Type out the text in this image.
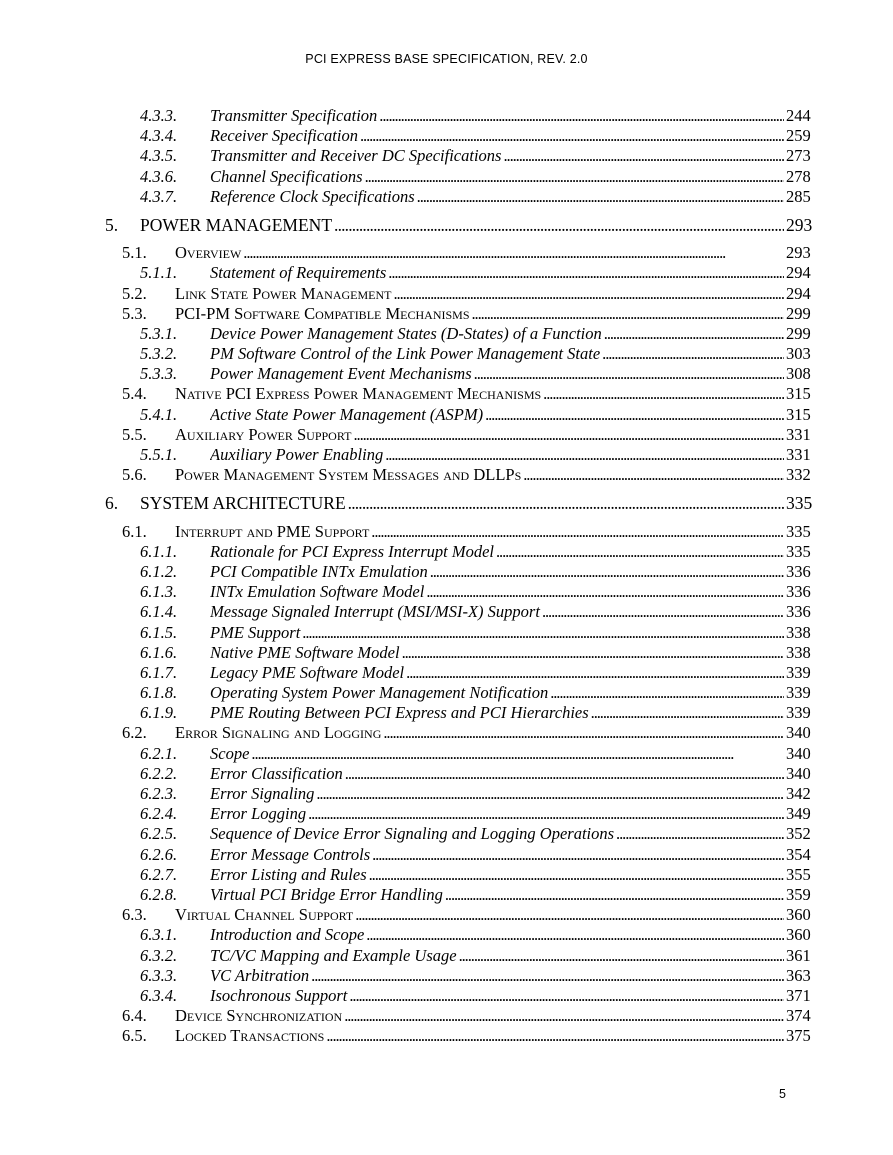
PCI EXPRESS BASE SPECIFICATION, REV. 2.0
4.3.3. Transmitter Specification . . .	244
4.3.4. Receiver Specification . . .	259
4.3.5. Transmitter and Receiver DC Specifications . . .	273
4.3.6. Channel Specifications . . .	278
4.3.7. Reference Clock Specifications . . .	285
5. POWER MANAGEMENT . . .	293
5.1. Overview . . .	293
5.1.1. Statement of Requirements . . .	294
5.2. Link State Power Management . . .	294
5.3. PCI-PM Software Compatible Mechanisms . . .	299
5.3.1. Device Power Management States (D-States) of a Function . . .	299
5.3.2. PM Software Control of the Link Power Management State . . .	303
5.3.3. Power Management Event Mechanisms . . .	308
5.4. Native PCI Express Power Management Mechanisms . . .	315
5.4.1. Active State Power Management (ASPM) . . .	315
5.5. Auxiliary Power Support . . .	331
5.5.1. Auxiliary Power Enabling . . .	331
5.6. Power Management System Messages and DLLPs . . .	332
6. SYSTEM ARCHITECTURE . . .	335
6.1. Interrupt and PME Support . . .	335
6.1.1. Rationale for PCI Express Interrupt Model . . .	335
6.1.2. PCI Compatible INTx Emulation . . .	336
6.1.3. INTx Emulation Software Model . . .	336
6.1.4. Message Signaled Interrupt (MSI/MSI-X) Support . . .	336
6.1.5. PME Support . . .	338
6.1.6. Native PME Software Model . . .	338
6.1.7. Legacy PME Software Model . . .	339
6.1.8. Operating System Power Management Notification . . .	339
6.1.9. PME Routing Between PCI Express and PCI Hierarchies . . .	339
6.2. Error Signaling and Logging . . .	340
6.2.1. Scope . . .	340
6.2.2. Error Classification . . .	340
6.2.3. Error Signaling . . .	342
6.2.4. Error Logging . . .	349
6.2.5. Sequence of Device Error Signaling and Logging Operations . . .	352
6.2.6. Error Message Controls . . .	354
6.2.7. Error Listing and Rules . . .	355
6.2.8. Virtual PCI Bridge Error Handling . . .	359
6.3. Virtual Channel Support . . .	360
6.3.1. Introduction and Scope . . .	360
6.3.2. TC/VC Mapping and Example Usage . . .	361
6.3.3. VC Arbitration . . .	363
6.3.4. Isochronous Support . . .	371
6.4. Device Synchronization . . .	374
6.5. Locked Transactions . . .	375
5
